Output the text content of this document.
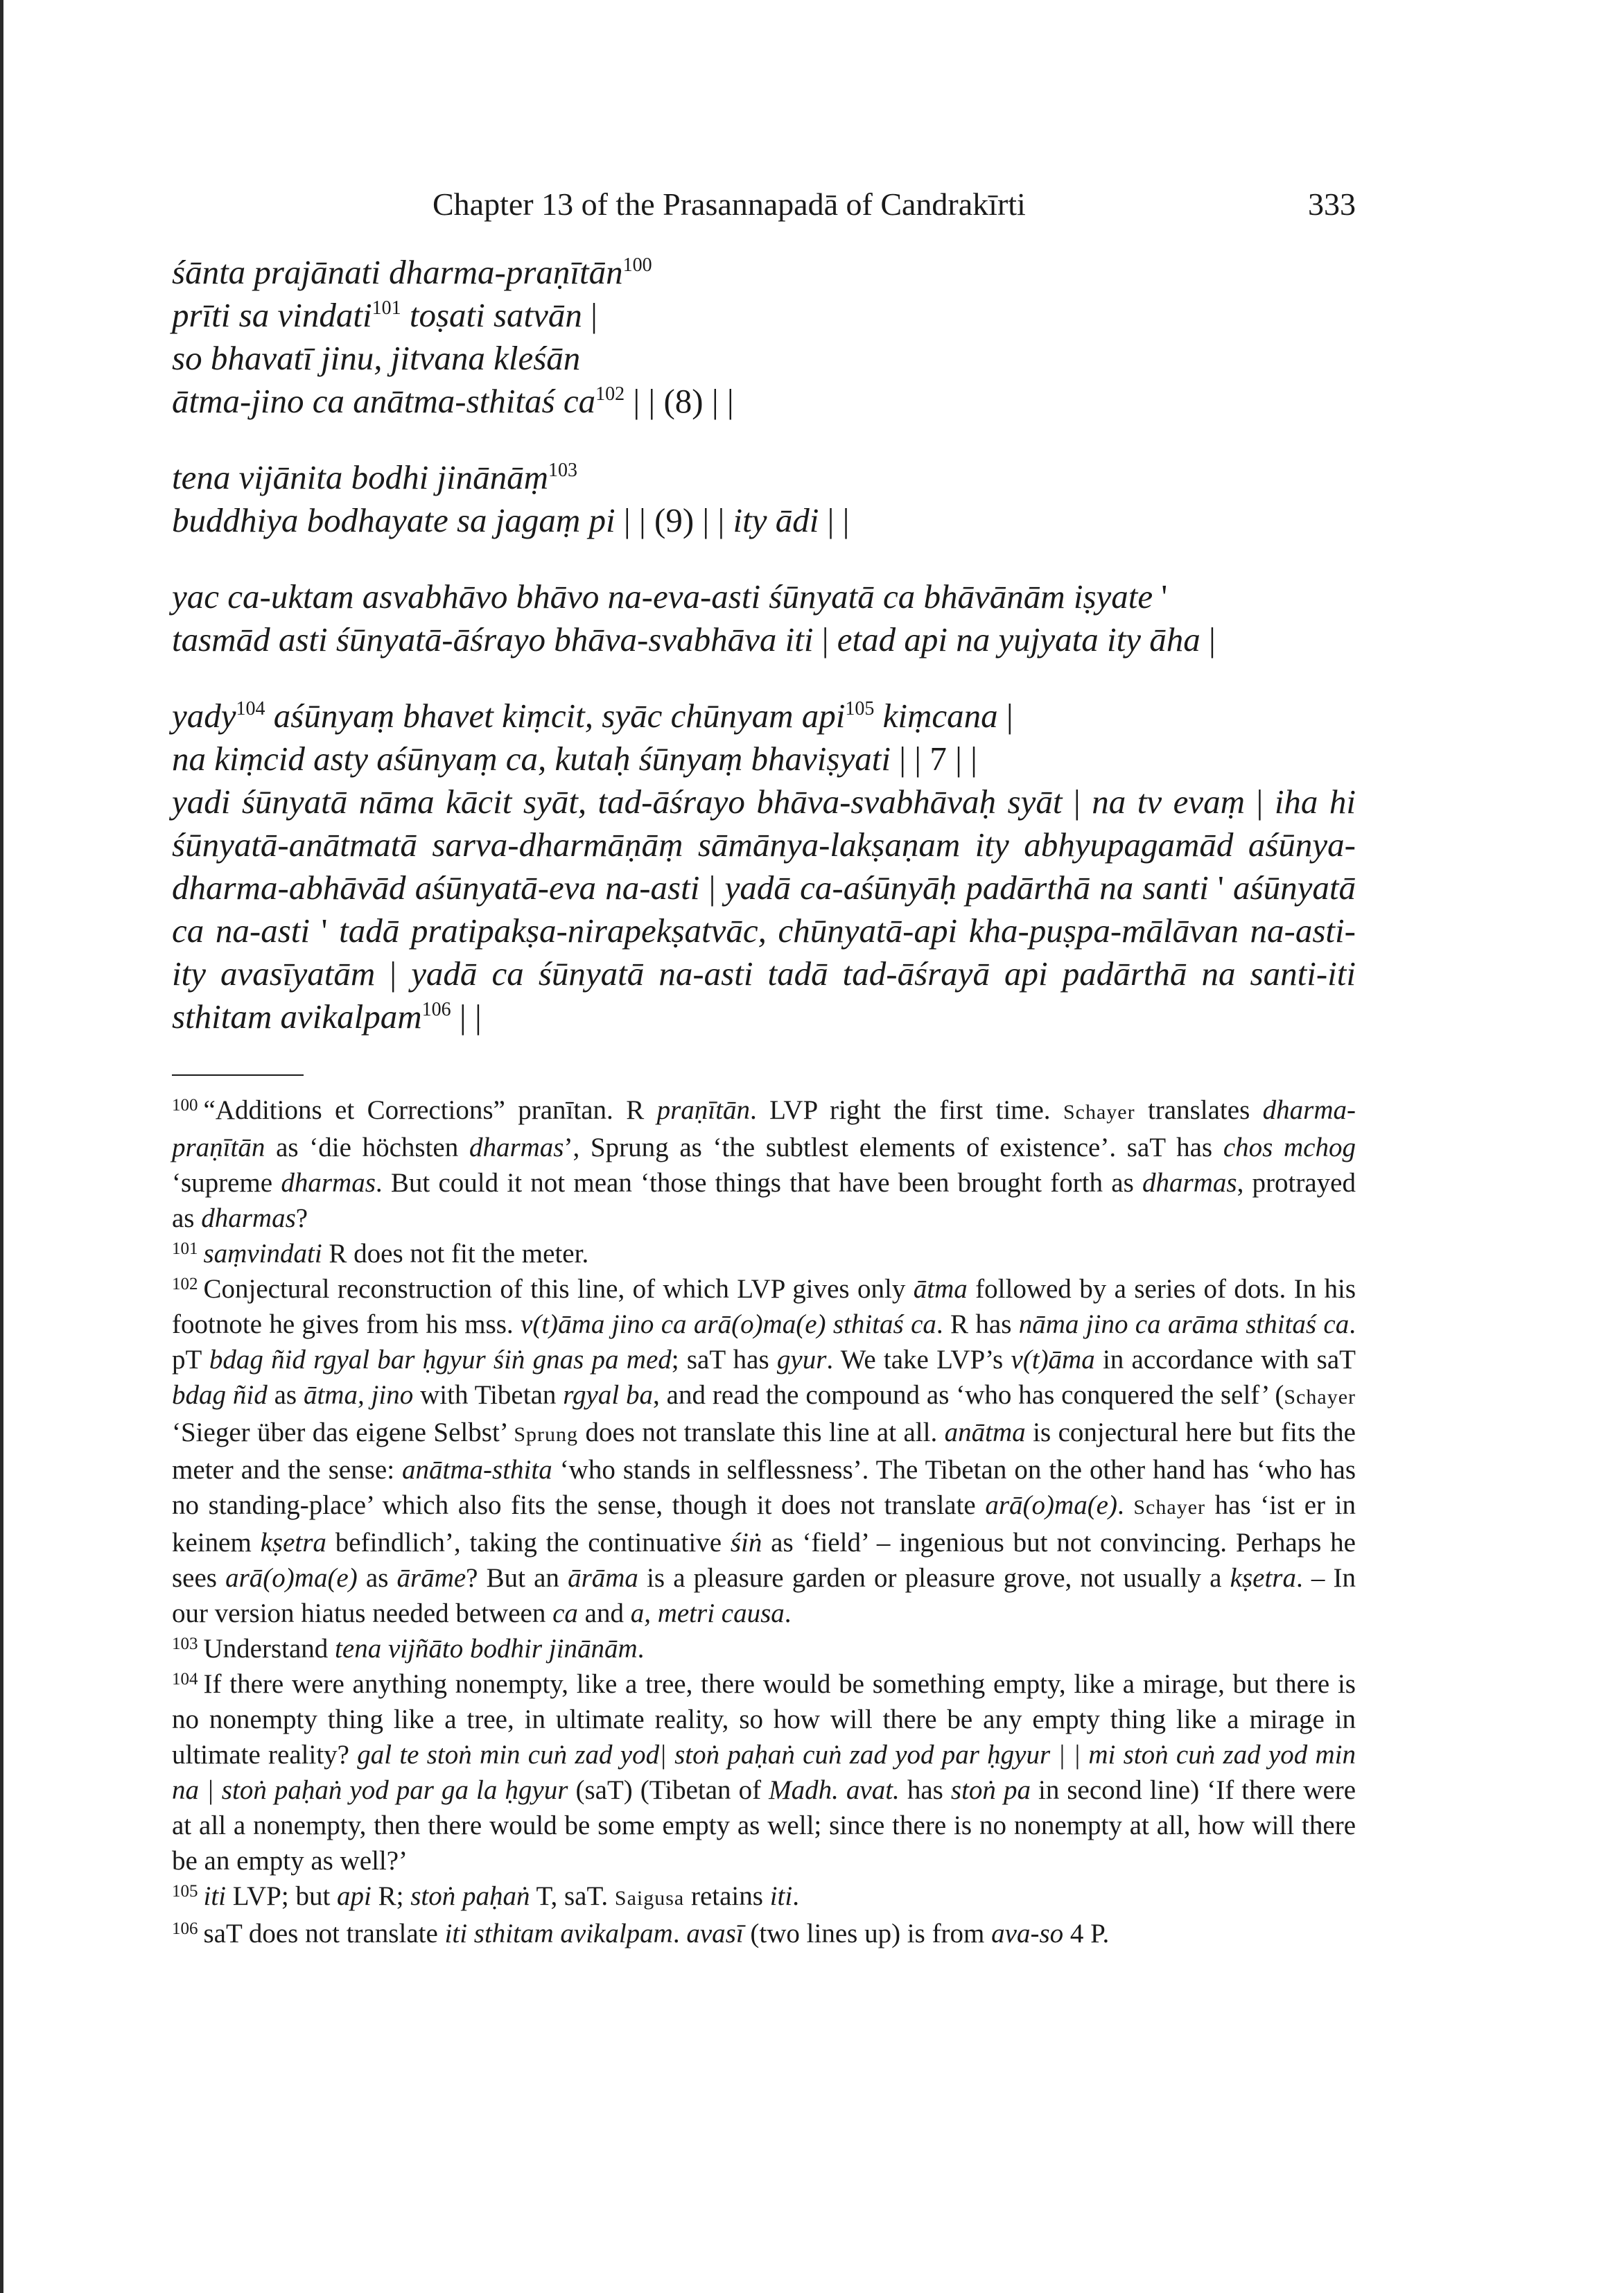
Chapter 13 of the Prasannapadā of Candrakīrti	333
śānta prajānati dharma-praṇītān$^{100}$
prīti sa vindati$^{101}$ toṣati satvān |
so bhavatī jinu, jitvana kleśān
ātma-jino ca anātma-sthitaś $ca^{102}$ | | (8) | |
tena vijānita bodhi jinānāṃ$^{103}$
buddhiya bodhayate sa jagaṃ pi | | (9) | | ity ādi | |
yac ca-uktam asvabhāvo bhāvo na-eva-asti śūnyatā ca bhāvānām iṣyate '
tasmād asti śūnyatā-āśrayo bhāva-svabhāva iti | etad api na yujyata ity āha |
yady$^{104}$ aśūnyaṃ bhavet kiṃcit, syāc chūnyam api$^{105}$ kiṃcana |
na kiṃcid asty aśūnyaṃ ca, kutaḥ śūnyaṃ bhaviṣyati | | 7 | |

yadi śūnyatā nāma kācit syāt, tad-āśrayo bhāva-svabhāvaḥ syāt | na tv evaṃ | iha hi śūnyatā-anātmatā sarva-dharmāṇāṃ sāmānya-lakṣaṇam ity abhyupagamād aśūnya-dharma-abhāvād aśūnyatā-eva na-asti | yadā ca-aśūnyāḥ padārthā na santi ' aśūnyatā ca na-asti ' tadā pratipakṣa-nirapekṣatvāc, chūnyatā-api kha-puṣpa-mālāvan na-asti-ity avasīyatām | yadā ca śūnyatā na-asti tadā tad-āśrayā api padārthā na santi-iti sthitam avikalpam$^{106}$ | |

$^{100}$ “Additions et Corrections” pranītan. R praṇītān. LVP right the first time. Schayer translates dharma-praṇītān as ‘die höchsten dharmas’, Sprung as ‘the subtlest elements of existence’. saT has chos mchog ‘supreme dharmas. But could it not mean ‘those things that have been brought forth as dharmas, protrayed as dharmas?

$^{101}$ saṃvindati R does not fit the meter.

$^{102}$ Conjectural reconstruction of this line, of which LVP gives only ātma followed by a series of dots. In his footnote he gives from his mss. v(t)āma jino ca arā(o)ma(e) sthitaś ca. R has nāma jino ca arāma sthitaś ca. pT bdag ñid rgyal bar ḥgyur śiṅ gnas pa med; saT has gyur. We take LVP’s v(t)āma in accordance with saT bdag ñid as ātma, jino with Tibetan rgyal ba, and read the compound as ‘who has conquered the self’ (Schayer ‘Sieger über das eigene Selbst’ Sprung does not translate this line at all. anātma is conjectural here but fits the meter and the sense: anātma-sthita ‘who stands in selflessness’. The Tibetan on the other hand has ‘who has no standing-place’ which also fits the sense, though it does not translate arā(o)ma(e). Schayer has ‘ist er in keinem kṣetra befindlich’, taking the continuative śiṅ as ‘field’ – ingenious but not convincing. Perhaps he sees arā(o)ma(e) as ārāme? But an ārāma is a pleasure garden or pleasure grove, not usually a kṣetra. – In our version hiatus needed between ca and a, metri causa.

$^{103}$ Understand tena vijñāto bodhir jinānām.

$^{104}$ If there were anything nonempty, like a tree, there would be something empty, like a mirage, but there is no nonempty thing like a tree, in ultimate reality, so how will there be any empty thing like a mirage in ultimate reality? gal te stoṅ min cuṅ zad yod| stoṅ paḥaṅ cuṅ zad yod par ḥgyur | | mi stoṅ cuṅ zad yod min na | stoṅ paḥaṅ yod par ga la ḥgyur (saT) (Tibetan of Madh. avat. has stoṅ pa in second line) ‘If there were at all a nonempty, then there would be some empty as well; since there is no nonempty at all, how will there be an empty as well?’

$^{105}$ iti LVP; but api R; stoṅ paḥaṅ T, saT. Saigusa retains iti.

$^{106}$ saT does not translate iti sthitam avikalpam. avasī (two lines up) is from ava-so 4 P.
